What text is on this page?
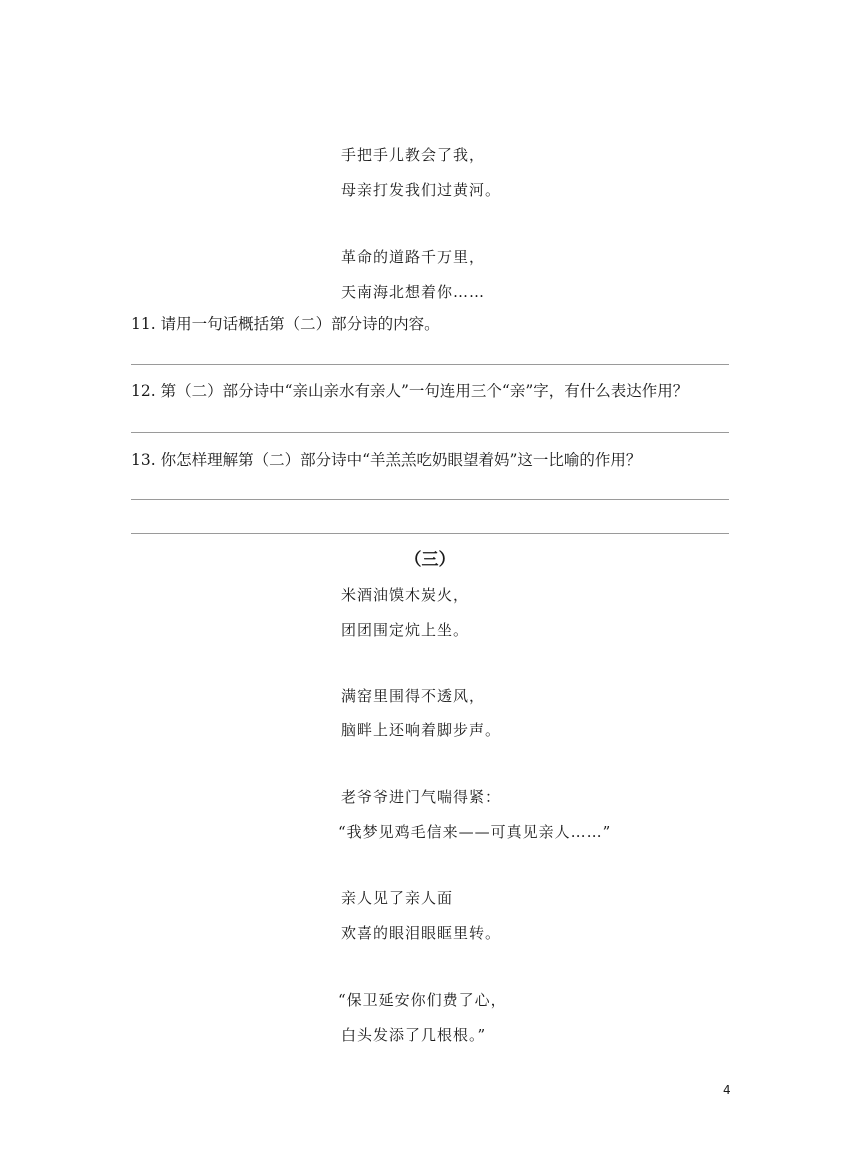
手把手儿教会了我，
母亲打发我们过黄河。
革命的道路千万里，
天南海北想着你……
11. 请用一句话概括第（二）部分诗的内容。
12. 第（二）部分诗中“亲山亲水有亲人”一句连用三个“亲”字，有什么表达作用？
13. 你怎样理解第（二）部分诗中“羊羔羔吃奶眼望着妈”这一比喻的作用？
（三）
米酒油馍木炭火，
团团围定炕上坐。
满窑里围得不透风，
脑畔上还响着脚步声。
老爷爷进门气喘得紧：
“我梦见鸡毛信来——可真见亲人……”
亲人见了亲人面
欢喜的眼泪眼眶里转。
“保卫延安你们费了心，
白头发添了几根根。”
4
